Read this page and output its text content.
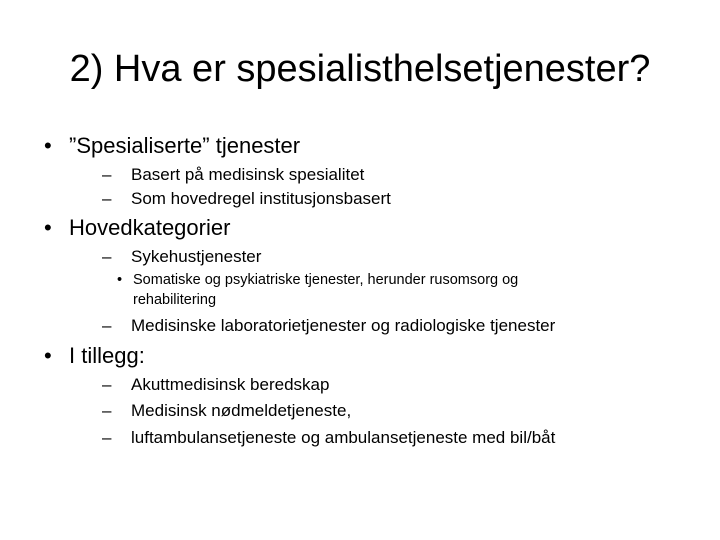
2) Hva er spesialisthelsetjenester?
• ”Spesialiserte” tjenester
– Basert på medisinsk spesialitet
– Som hovedregel institusjonsbasert
• Hovedkategorier
– Sykehustjenester
• Somatiske og psykiatriske tjenester, herunder rusomsorg og
rehabilitering
– Medisinske laboratorietjenester og radiologiske tjenester
• I tillegg:
– Akuttmedisinsk beredskap
– Medisinsk nødmeldetjeneste,
– luftambulansetjeneste og ambulansetjeneste med bil/båt
